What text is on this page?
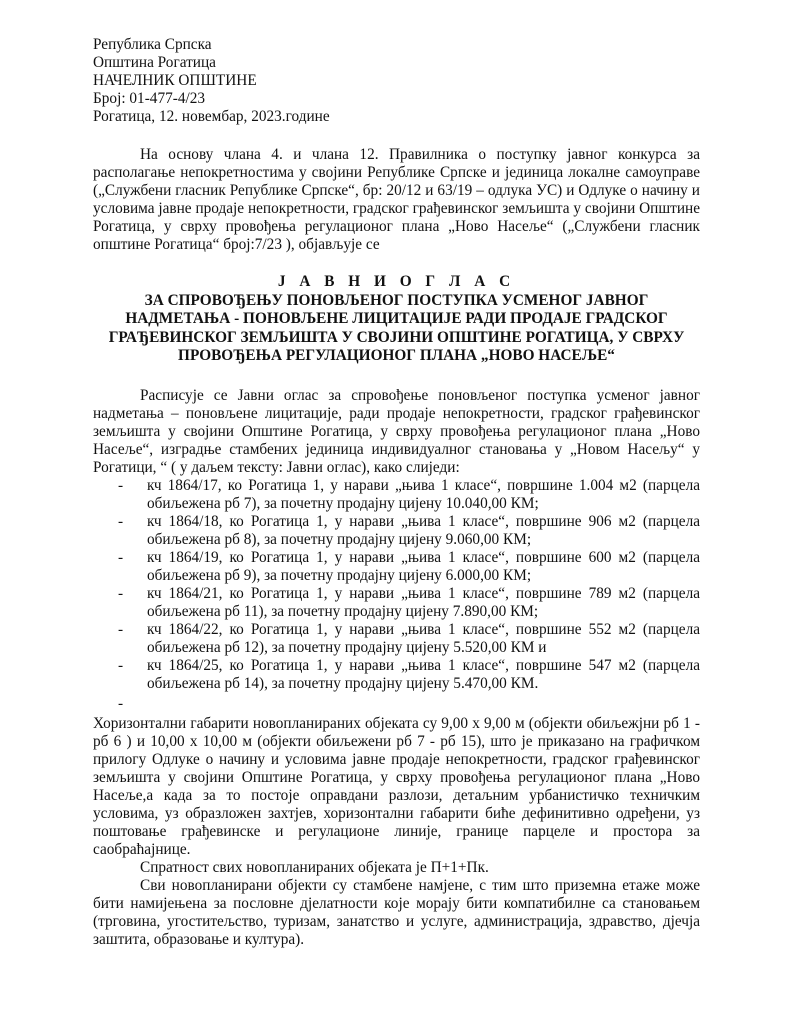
Република Српска
Општина Рогатица
НАЧЕЛНИК ОПШТИНЕ
Број: 01-477-4/23
Рогатица, 12. новембар, 2023.године

На основу члана 4. и члана 12. Правилника о поступку јавног конкурса за располагање непокретностима у својини Републике Српске и јединица локалне самоуправе („Службени гласник Републике Српске“, бр: 20/12 и 63/19 – одлука УС) и Одлуке о начину и условима јавне продаје непокретности, градског грађевинског земљишта у својини Општине Рогатица, у сврху провођења регулационог плана „Ново Насеље“ („Службени гласник општине Рогатица“ број:7/23 ), објављује се

Ј А В Н И О Г Л А С

ЗА СПРОВОЂЕЊУ ПОНОВЉЕНОГ ПОСТУПКА УСМЕНОГ ЈАВНОГ

НАДМЕТАЊА - ПОНОВЉЕНЕ ЛИЦИТАЦИЈЕ РАДИ ПРОДАЈЕ ГРАДСКОГ

ГРАЂЕВИНСКОГ ЗЕМЉИШТА У СВОЈИНИ ОПШТИНЕ РОГАТИЦА, У СВРХУ

ПРОВОЂЕЊА РЕГУЛАЦИОНОГ ПЛАНА „НОВО НАСЕЉЕ“

Расписује се Јавни оглас за спровођење поновљеног поступка усменог јавног надметања – поновљене лицитације, ради продаје непокретности, градског грађевинског земљишта у својини Општине Рогатица, у сврху провођења регулационог плана „Ново Насеље“, изградње стамбених јединица индивидуалног становања у „Новом Насељу“ у Рогатици, “ ( у даљем тексту: Јавни оглас), како слиједи:

- кч 1864/17, ко Рогатица 1, у нарави „њива 1 класе“, површине 1.004 м2 (парцела обиљежена рб 7), за почетну продајну цијену 10.040,00 КМ;
- кч 1864/18, ко Рогатица 1, у нарави „њива 1 класе“, површине 906 м2 (парцела обиљежена рб 8), за почетну продајну цијену 9.060,00 КМ;
- кч 1864/19, ко Рогатица 1, у нарави „њива 1 класе“, површине 600 м2 (парцела обиљежена рб 9), за почетну продајну цијену 6.000,00 КМ;
- кч 1864/21, ко Рогатица 1, у нарави „њива 1 класе“, површине 789 м2 (парцела обиљежена рб 11), за почетну продајну цијену 7.890,00 КМ;
- кч 1864/22, ко Рогатица 1, у нарави „њива 1 класе“, површине 552 м2 (парцела обиљежена рб 12), за почетну продајну цијену 5.520,00 КМ и
- кч 1864/25, ко Рогатица 1, у нарави „њива 1 класе“, површине 547 м2 (парцела обиљежена рб 14), за почетну продајну цијену 5.470,00 КМ.
-

Хоризонтални габарити новопланираних објеката су 9,00 х 9,00 м (објекти обиљежјни рб 1 - рб 6 ) и 10,00 х 10,00 м (објекти обиљежени рб 7 - рб 15), што је приказано на графичком прилогу Одлуке о начину и условима јавне продаје непокретности, градског грађевинског земљишта у својини Општине Рогатица, у сврху провођења регулационог плана „Ново Насеље,а када за то постоје оправдани разлози, детаљним урбанистичко техничким условима, уз образложен захтјев, хоризонтални габарити биће дефинитивно одређени, уз поштовање грађевинске и регулационе линије, границе парцеле и простора за саобраћајнице.

Спратност свих новопланираних објеката је П+1+Пк.

Сви новопланирани објекти су стамбене намјене, с тим што приземна етаже може бити намијењена за пословне дјелатности које морају бити компатибилне са становањем (трговина, угоститељство, туризам, занатство и услуге, администрација, здравство, дјечја заштита, образовање и култура).
